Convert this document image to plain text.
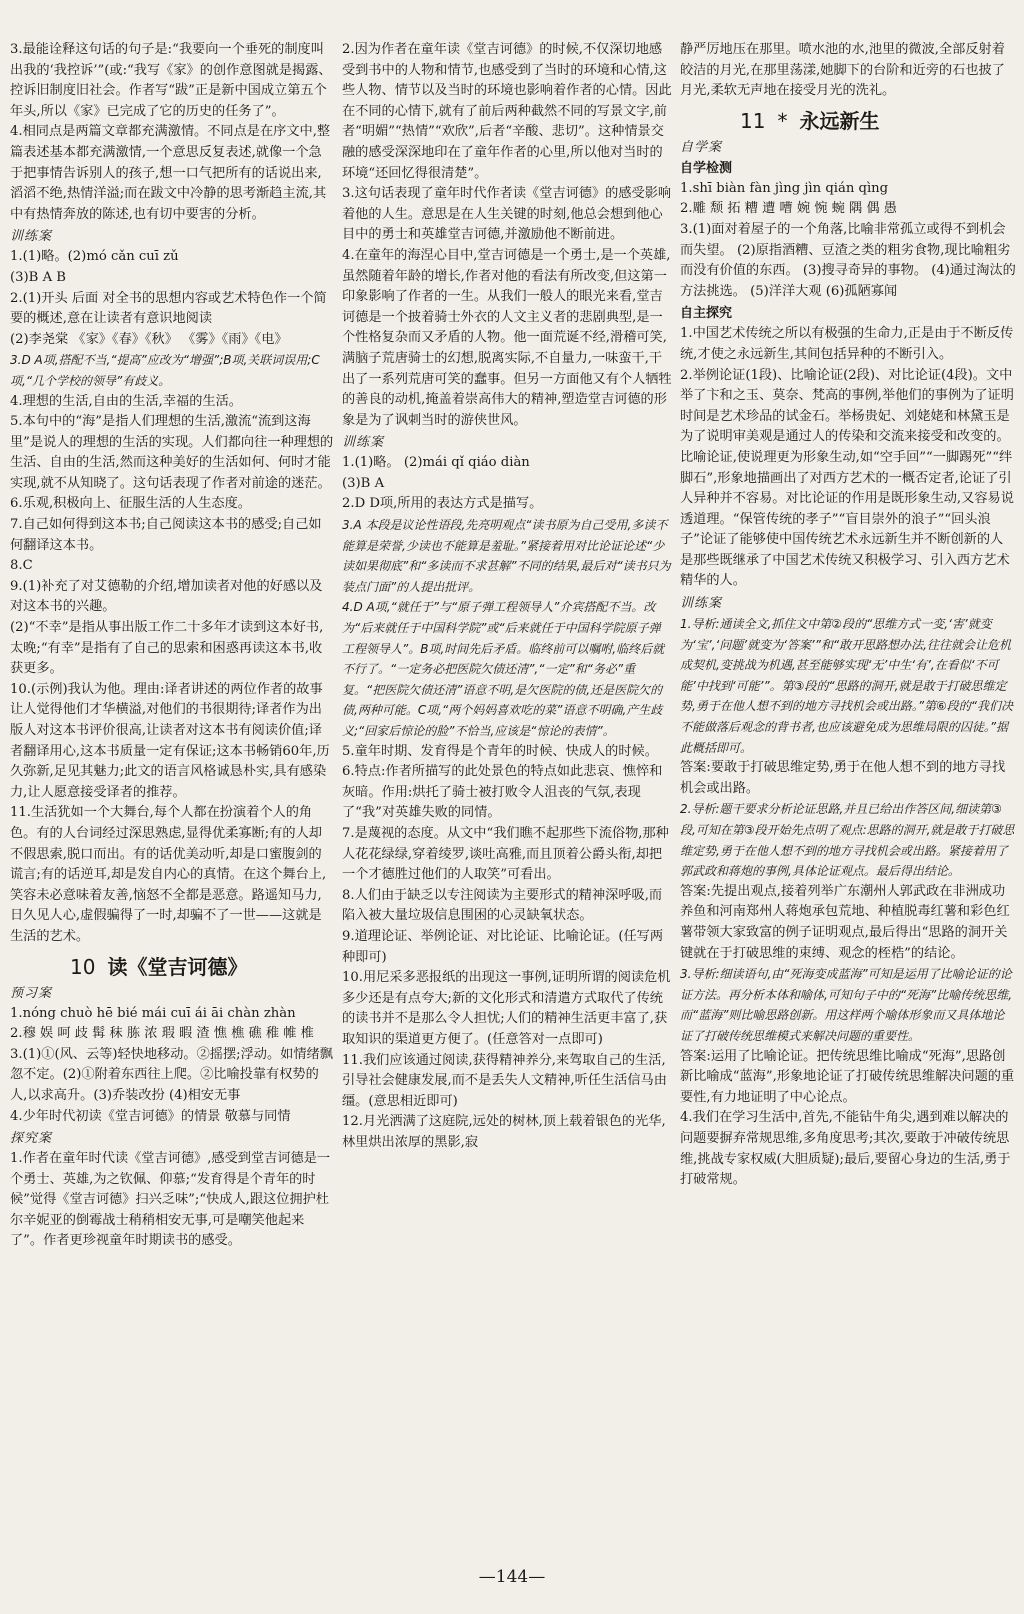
3.最能诠释这句话的句子是:“我要向一个垂死的制度叫出我的‘我控诉’”(或:“我写《家》的创作意图就是揭露、控诉旧制度旧社会。作者写“跋”正是新中国成立第五个年头,所以《家》已完成了它的历史的任务了”。

4.相同点是两篇文章都充满激情。不同点是在序文中,整篇表述基本都充满激情,一个意思反复表述,就像一个急于把事情告诉别人的孩子,想一口气把所有的话说出来,滔滔不绝,热情洋溢;而在跋文中冷静的思考渐趋主流,其中有热情奔放的陈述,也有切中要害的分析。

训练案

1.(1)略。(2)mó cǎn cuī zǔ

(3)B A B

2.(1)开头 后面 对全书的思想内容或艺术特色作一个简要的概述,意在让读者有意识地阅读

(2)李尧棠 《家》《春》《秋》 《雾》《雨》《电》

3.D A项,搭配不当,“提高”应改为“增强”;B项,关联词误用;C项,“几个学校的领导”有歧义。

4.理想的生活,自由的生活,幸福的生活。

5.本句中的“海”是指人们理想的生活,激流“流到这海里”是说人的理想的生活的实现。人们都向往一种理想的生活、自由的生活,然而这种美好的生活如何、何时才能实现,就不从知晓了。这句话表现了作者对前途的迷茫。

6.乐观,积极向上、征服生活的人生态度。

7.自己如何得到这本书;自己阅读这本书的感受;自己如何翻译这本书。

8.C

9.(1)补充了对艾德勒的介绍,增加读者对他的好感以及对这本书的兴趣。

(2)“不幸”是指从事出版工作二十多年才读到这本好书,太晚;“有幸”是指有了自己的思索和困惑再读这本书,收获更多。

10.(示例)我认为他。理由:译者讲述的两位作者的故事让人觉得他们才华横溢,对他们的书很期待;译者作为出版人对这本书评价很高,让读者对这本书有阅读价值;译者翻译用心,这本书质量一定有保证;这本书畅销60年,历久弥新,足见其魅力;此文的语言风格诚恳朴实,具有感染力,让人愿意接受译者的推荐。

11.生活犹如一个大舞台,每个人都在扮演着个人的角色。有的人台词经过深思熟虑,显得优柔寡断;有的人却不假思索,脱口而出。有的话优美动听,却是口蜜腹剑的谎言;有的话逆耳,却是发自内心的真情。在这个舞台上,笑容未必意味着友善,恼怒不全都是恶意。路遥知马力,日久见人心,虚假骗得了一时,却骗不了一世——这就是生活的艺术。

10 读《堂吉诃德》
预习案

1.nóng chuò hē bié mái cuī ái āi chàn zhàn

2.穆 娱 呵 歧 髯 秣 胨 浓 瑕 暇 渣 憔 樵 礁 稚 帷 椎

3.(1)①(风、云等)轻快地移动。②摇摆;浮动。如情绪飘忽不定。(2)①附着东西往上爬。②比喻投靠有权势的人,以求高升。(3)乔装改扮 (4)相安无事

4.少年时代初读《堂吉诃德》的情景 敬慕与同情

探究案

1.作者在童年时代读《堂吉诃德》,感受到堂吉诃德是一个勇士、英雄,为之钦佩、仰慕;“发育得是个青年的时候”觉得《堂吉诃德》扫兴乏味”;“快成人,跟这位拥护杜尔辛妮亚的倒霉战士稍稍相安无事,可是嘲笑他起来了”。作者更珍视童年时期读书的感受。

2.因为作者在童年读《堂吉诃德》的时候,不仅深切地感受到书中的人物和情节,也感受到了当时的环境和心情,这些人物、情节以及当时的环境也影响着作者的心情。因此在不同的心情下,就有了前后两种截然不同的写景文字,前者“明媚”“热情”“欢欣”,后者“辛酸、悲切”。这种情景交融的感受深深地印在了童年作者的心里,所以他对当时的环境“还回忆得很清楚”。

3.这句话表现了童年时代作者读《堂吉诃德》的感受影响着他的人生。意思是在人生关键的时刻,他总会想到他心目中的勇士和英雄堂吉诃德,并激励他不断前进。

4.在童年的海涅心目中,堂吉诃德是一个勇士,是一个英雄,虽然随着年龄的增长,作者对他的看法有所改变,但这第一印象影响了作者的一生。从我们一般人的眼光来看,堂吉诃德是一个披着骑士外衣的人文主义者的悲剧典型,是一个性格复杂而又矛盾的人物。他一面荒诞不经,滑稽可笑,满脑子荒唐骑士的幻想,脱离实际,不自量力,一味蛮干,干出了一系列荒唐可笑的蠢事。但另一方面他又有个人牺牲的善良的动机,掩盖着崇高伟大的精神,塑造堂吉诃德的形象是为了讽刺当时的游侠世风。

训练案

1.(1)略。 (2)mái qǐ qiáo diàn

(3)B A

2.D D项,所用的表达方式是描写。

3.A 本段是议论性语段,先亮明观点“读书原为自己受用,多读不能算是荣誉,少读也不能算是羞耻。”紧接着用对比论证论述“少读如果彻底”和“多读而不求甚解”不同的结果,最后对“读书只为装点门面”的人提出批评。

4.D A项,“就任于”与“原子弹工程领导人”介宾搭配不当。改为“后来就任于中国科学院”或“后来就任于中国科学院原子弹工程领导人”。B项,时间先后矛盾。临终前可以嘱咐,临终后就不行了。“一定务必把医院欠债还清”,“一定”和“务必”重复。“把医院欠债还清”语意不明,是欠医院的债,还是医院欠的债,两种可能。C项,“两个妈妈喜欢吃的菜”语意不明确,产生歧义;“回家后惊论的脸”不恰当,应该是“惊论的表情”。

5.童年时期、发育得是个青年的时候、快成人的时候。

6.特点:作者所描写的此处景色的特点如此悲哀、憔悴和灰暗。作用:烘托了骑士被打败令人沮丧的气氛,表现了“我”对英雄失败的同情。

7.是蔑视的态度。从文中“我们瞧不起那些下流俗物,那种人花花绿绿,穿着绫罗,谈吐高雅,而且顶着公爵头衔,却把一个才德胜过他们的人取笑”可看出。

8.人们由于缺乏以专注阅读为主要形式的精神深呼吸,而陷入被大量垃圾信息围困的心灵缺氧状态。

9.道理论证、举例论证、对比论证、比喻论证。(任写两种即可)

10.用尼采多恶报纸的出现这一事例,证明所谓的阅读危机多少还是有点夸大;新的文化形式和清遣方式取代了传统的读书并不是那么令人担忧;人们的精神生活更丰富了,获取知识的渠道更方便了。(任意答对一点即可)

11.我们应该通过阅读,获得精神养分,来驾取自己的生活,引导社会健康发展,而不是丢失人文精神,听任生活信马由缰。(意思相近即可)

12.月光洒满了这庭院,远处的树林,顶上载着银色的光华,林里烘出浓厚的黑影,寂

静严厉地压在那里。喷水池的水,池里的微波,全部反射着皎洁的月光,在那里荡漾,她脚下的台阶和近旁的石也披了月光,柔软无声地在接受月光的洗礼。

11 * 永远新生
自学案
自学检测

1.shī biàn fàn jìng jìn qián qìng

2.雕 颓 拓 糟 遭 嘈 婉 惋 蜿 隅 偶 愚

3.(1)面对着屋子的一个角落,比喻非常孤立或得不到机会而失望。 (2)原指酒糟、豆渣之类的粗劣食物,现比喻粗劣而没有价值的东西。 (3)搜寻奇异的事物。 (4)通过淘汰的方法挑选。 (5)洋洋大观 (6)孤陋寡闻

自主探究

1.中国艺术传统之所以有极强的生命力,正是由于不断反传统,才使之永远新生,其间包括异种的不断引入。

2.举例论证(1段)、比喻论证(2段)、对比论证(4段)。文中举了卞和之玉、莫奈、梵高的事例,举他们的事例为了证明时间是艺术珍品的试金石。举杨贵妃、刘姥姥和林黛玉是为了说明审美观是通过人的传染和交流来接受和改变的。比喻论证,使说理更为形象生动,如“空手回”“一脚踢死”“绊脚石”,形象地描画出了对西方艺术的一概否定者,论证了引人异种并不容易。对比论证的作用是既形象生动,又容易说透道理。“保管传统的孝子”“盲目崇外的浪子”“回头浪子”论证了能够使中国传统艺术永远新生并不断创新的人是那些既继承了中国艺术传统又积极学习、引入西方艺术精华的人。

训练案

1.导析:通读全文,抓住文中第②段的“思维方式一变,‘害’就变为‘宝’,‘问题’就变为‘答案’”和“敢开思路想办法,往往就会让危机成契机,变挑战为机遇,甚至能够实现‘无’中生‘有’,在看似‘不可能’中找到‘可能’”。第③段的“思路的洞开,就是敢于打破思维定势,勇于在他人想不到的地方寻找机会或出路。”第⑥段的“我们决不能做落后观念的背书者,也应该避免成为思维局限的囚徒。”据此概括即可。

答案:要敢于打破思维定势,勇于在他人想不到的地方寻找机会或出路。

2.导析:题干要求分析论证思路,并且已给出作答区间,细读第③段,可知在第③段开始先点明了观点:思路的洞开,就是敢于打破思维定势,勇于在他人想不到的地方寻找机会或出路。紧接着用了郭武政和蒋炮的事例,具体论证观点。最后得出结论。

答案:先提出观点,接着列举广东潮州人郭武政在非洲成功养鱼和河南郑州人蒋炮承包荒地、种植脱毒红薯和彩色红薯带领大家致富的例子证明观点,最后得出“思路的洞开关键就在于打破思维的束缚、观念的桎梏”的结论。

3.导析:细读语句,由“死海变成蓝海”可知是运用了比喻论证的论证方法。再分析本体和喻体,可知句子中的“死海”比喻传统思维,而“蓝海”则比喻思路创新。用这样两个喻体形象而又具体地论证了打破传统思维模式来解决问题的重要性。

答案:运用了比喻论证。把传统思维比喻成“死海”,思路创新比喻成“蓝海”,形象地论证了打破传统思维解决问题的重要性,有力地证明了中心论点。

4.我们在学习生活中,首先,不能钻牛角尖,遇到难以解决的问题要摒弃常规思维,多角度思考;其次,要敢于冲破传统思维,挑战专家权威(大胆质疑);最后,要留心身边的生活,勇于打破常规。

—144—
